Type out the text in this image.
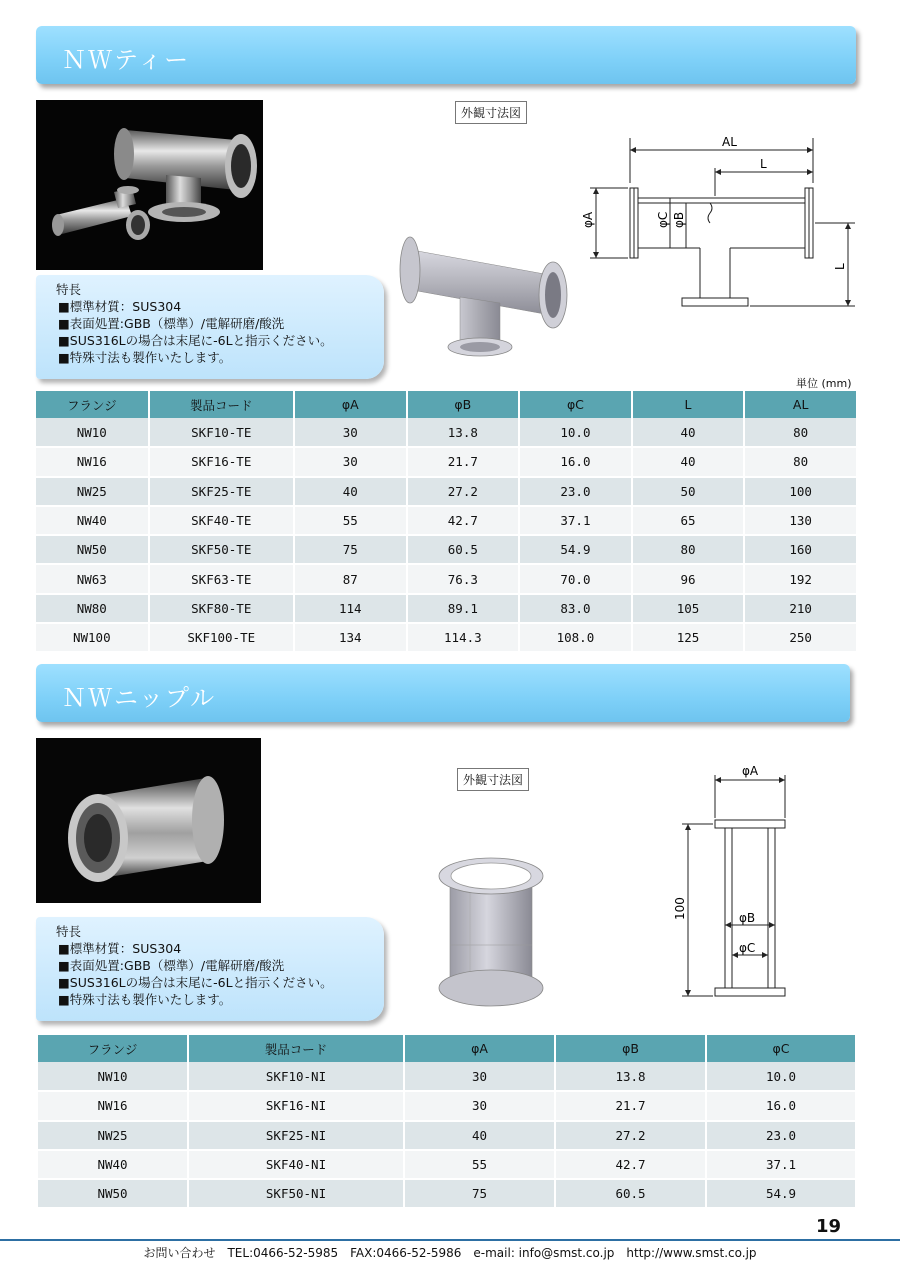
ＮＷティー
特長
■標準材質：SUS304
■表面処置:GBB（標準）/電解研磨/酸洗
■SUS316Lの場合は末尾に-6Lと指示ください。
■特殊寸法も製作いたします。
外観寸法図
AL
L
φA	φC φB
L
単位 (mm)
フランジ	製品コード	φA	φB	φC	L	AL
NW10	SKF10-TE	30	13.8	10.0	40	80
NW16	SKF16-TE	30	21.7	16.0	40	80
NW25	SKF25-TE	40	27.2	23.0	50	100
NW40	SKF40-TE	55	42.7	37.1	65	130
NW50	SKF50-TE	75	60.5	54.9	80	160
NW63	SKF63-TE	87	76.3	70.0	96	192
NW80	SKF80-TE	114	89.1	83.0	105	210
NW100	SKF100-TE	134	114.3	108.0	125	250
ＮＷニップル
特長
■標準材質：SUS304
■表面処置:GBB（標準）/電解研磨/酸洗
■SUS316Lの場合は末尾に-6Lと指示ください。
■特殊寸法も製作いたします。
外観寸法図
φA
100	φB
φC
フランジ	製品コード	φA	φB	φC
NW10	SKF10-NI	30	13.8	10.0
NW16	SKF16-NI	30	21.7	16.0
NW25	SKF25-NI	40	27.2	23.0
NW40	SKF40-NI	55	42.7	37.1
NW50	SKF50-NI	75	60.5	54.9
19
お問い合わせ　TEL:0466-52-5985　FAX:0466-52-5986　e-mail: info@smst.co.jp　http://www.smst.co.jp
